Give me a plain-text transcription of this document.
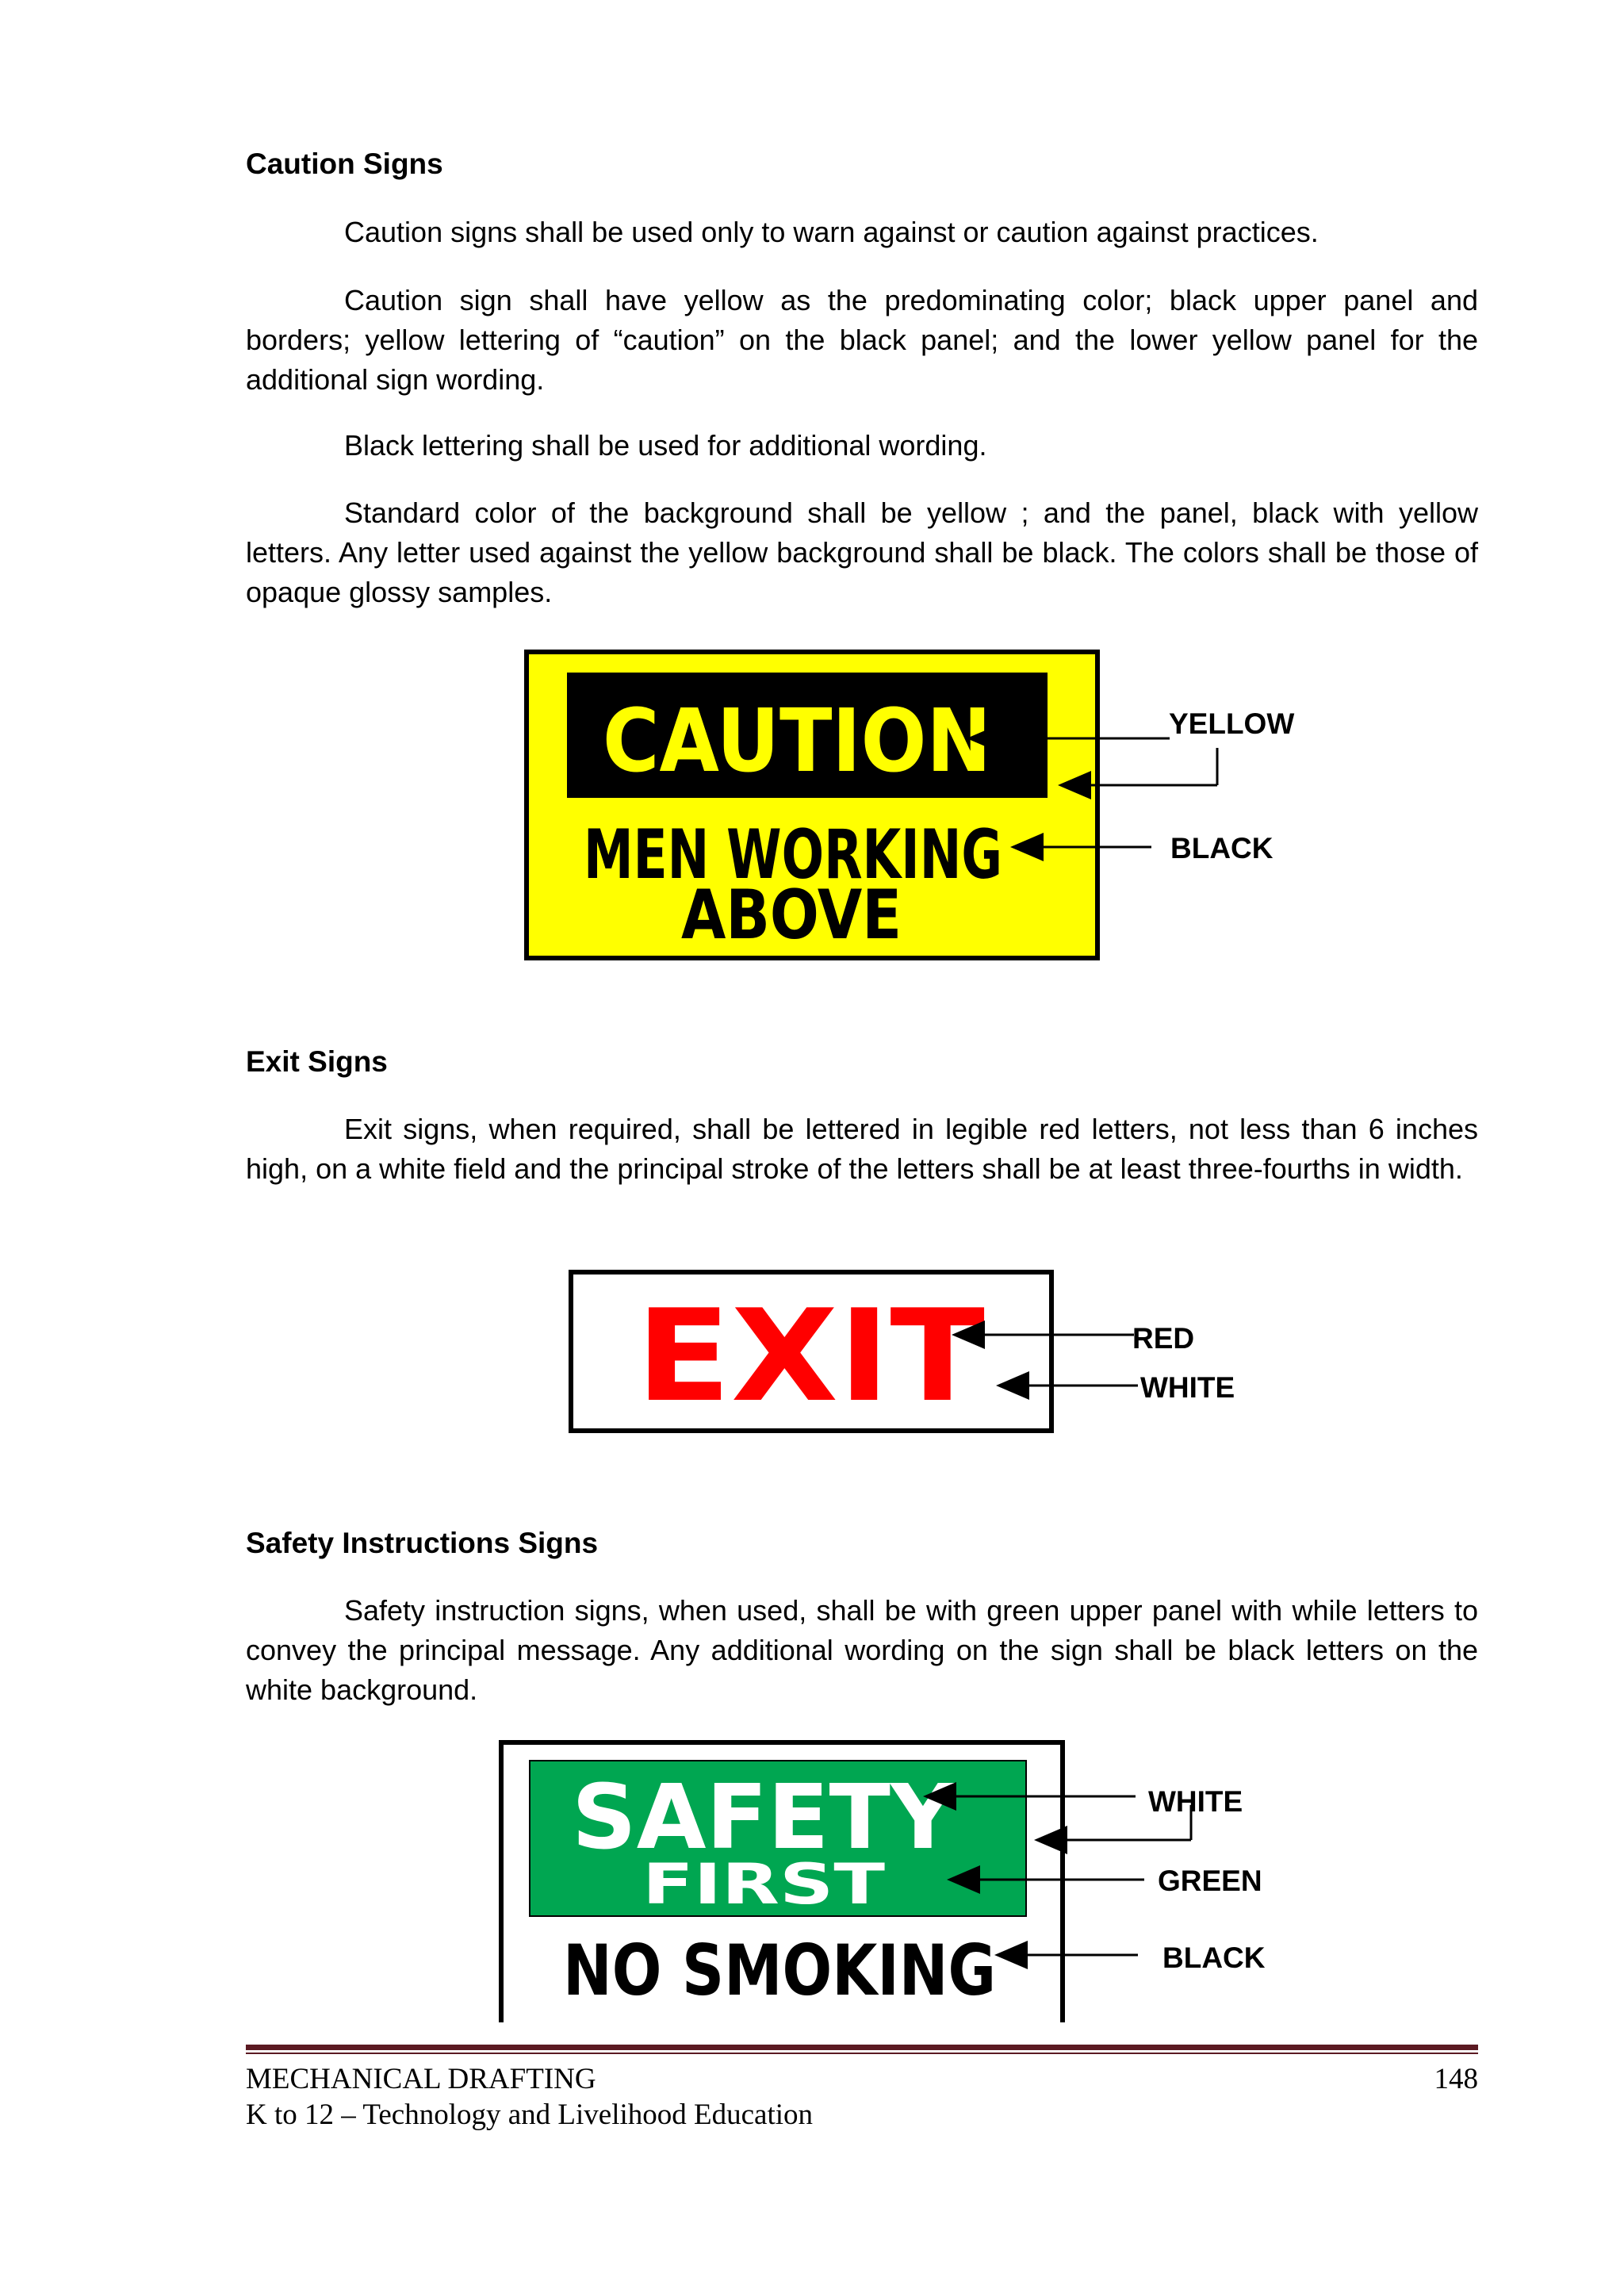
Caution Signs

Caution signs shall be used only to warn against or caution against practices.

Caution sign shall have yellow as the predominating color; black upper panel and borders; yellow lettering of “caution” on the black panel; and the lower yellow panel for the additional sign wording.

Black lettering shall be used for additional wording.

Standard color of the background shall be yellow ; and the panel, black with yellow letters. Any letter used against the yellow background shall be black. The colors shall be those of opaque glossy samples.

CAUTION
MEN WORKING
ABOVE
YELLOW
BLACK
Exit Signs

Exit signs, when required, shall be lettered in legible red letters, not less than 6 inches high, on a white field and the principal stroke of the letters shall be at least three-fourths in width.

EXIT	RED
WHITE
Safety Instructions Signs

Safety instruction signs, when used, shall be with green upper panel with while letters to convey the principal message. Any additional wording on the sign shall be black letters on the white background.

SAFETY
FIRST
NO SMOKING
WHITE
GREEN
BLACK
MECHANICAL DRAFTING
K to 12 – Technology and Livelihood Education
148
